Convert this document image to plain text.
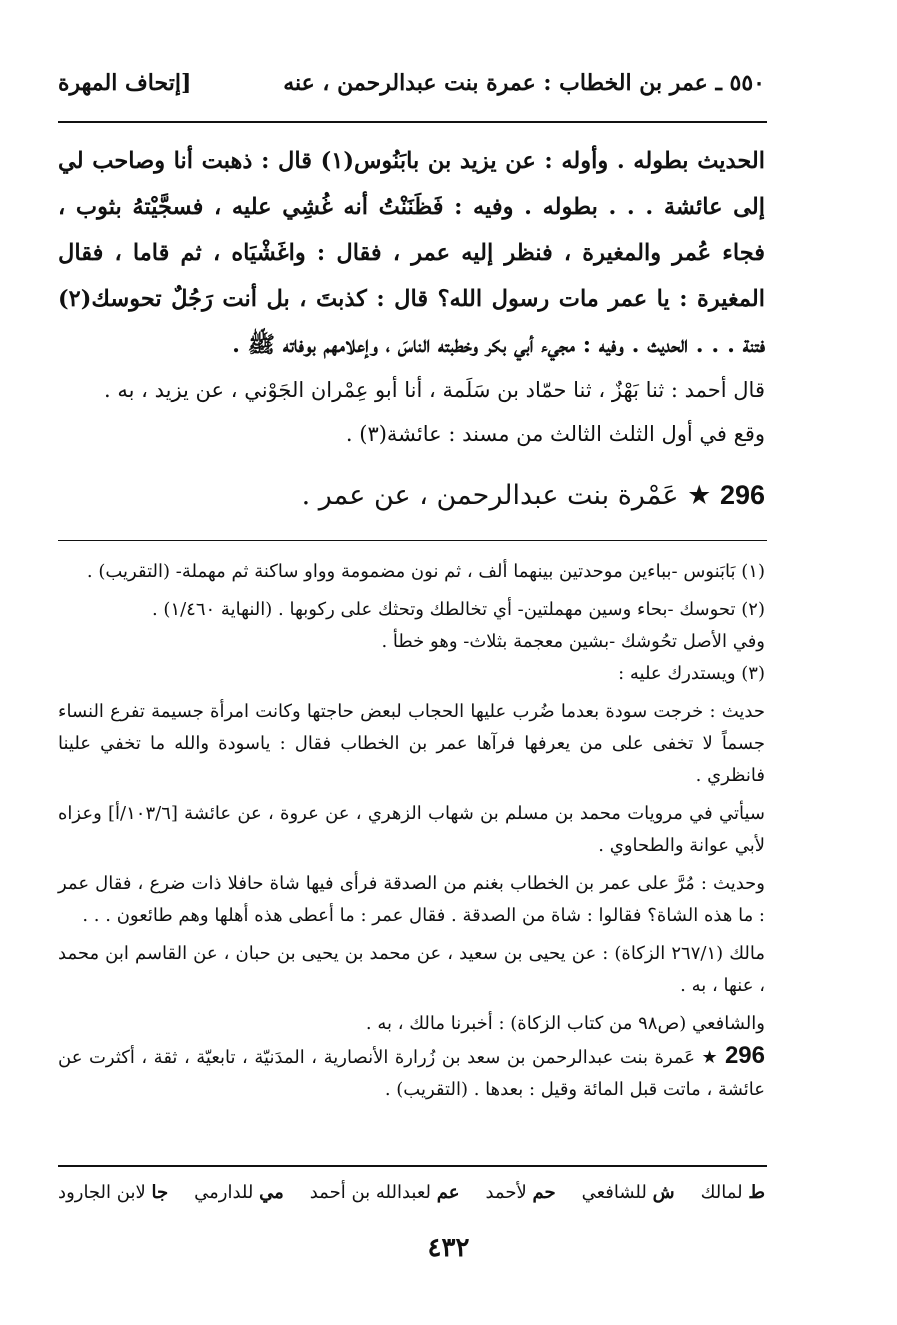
٥٥٠ ـ عمر بن الخطاب : عمرة بنت عبدالرحمن ، عنه
[إتحاف المهرة

الحديث بطوله . وأوله : عن يزيد بن بابَنُوس(١) قال : ذهبت أنا وصاحب لي إلى عائشة . . . بطوله . وفيه : فَظَنَنْتُ أنه غُشِي عليه ، فسجَّيْتهُ بثوب ، فجاء عُمر والمغيرة ، فنظر إليه عمر ، فقال : واغَشْيَاه ، ثم قاما ، فقال المغيرة : يا عمر مات رسول الله؟ قال : كذبتَ ، بل أنت رَجُلٌ تحوسك(٢) فتنة . . . الحديث . وفيه : مجيء أبي بكر وخطبته الناسَ ، وإعلامهم بوفاته ﷺ .

قال أحمد : ثنا بَهْزٌ ، ثنا حمّاد بن سَلَمة ، أنا أبو عِمْران الجَوْني ، عن يزيد ، به .

وقع في أول الثلث الثالث من مسند : عائشة(٣) .

296 ★ عَمْرة بنت عبدالرحمن ، عن عمر .

(١) بَابَنوس -بباءين موحدتين بينهما ألف ، ثم نون مضمومة وواو ساكنة ثم مهملة- (التقريب) .

(٢) تحوسك -بحاء وسين مهملتين- أي تخالطك وتحثك على ركوبها . (النهاية ١/٤٦٠) .

وفي الأصل تحُوشك -بشين معجمة بثلاث- وهو خطأ .

(٣) ويستدرك عليه :

حديث : خرجت سودة بعدما ضُرب عليها الحجاب لبعض حاجتها وكانت امرأة جسيمة تفرع النساء جسماً لا تخفى على من يعرفها فرآها عمر بن الخطاب فقال : ياسودة والله ما تخفي علينا فانظري .

سيأتي في مرويات محمد بن مسلم بن شهاب الزهري ، عن عروة ، عن عائشة [١٠٣/٦/أ] وعزاه لأبي عوانة والطحاوي .

وحديث : مُرَّ على عمر بن الخطاب بغنم من الصدقة فرأى فيها شاة حافلا ذات ضرع ، فقال عمر : ما هذه الشاة؟ فقالوا : شاة من الصدقة . فقال عمر : ما أعطى هذه أهلها وهم طائعون . . .

مالك (٢٦٧/١ الزكاة) : عن يحيى بن سعيد ، عن محمد بن يحيى بن حبان ، عن القاسم ابن محمد ، عنها ، به .

والشافعي (ص٩٨ من كتاب الزكاة) : أخبرنا مالك ، به .

296 ★ عَمرة بنت عبدالرحمن بن سعد بن زُرارة الأنصارية ، المدَنيّة ، تابعيّة ، ثقة ، أكثرت عن عائشة ، ماتت قبل المائة وقيل : بعدها . (التقريب) .

ط لمالك
ش للشافعي
حم لأحمد
عم لعبدالله بن أحمد
مي للدارمي
جا لابن الجارود
٤٣٢
